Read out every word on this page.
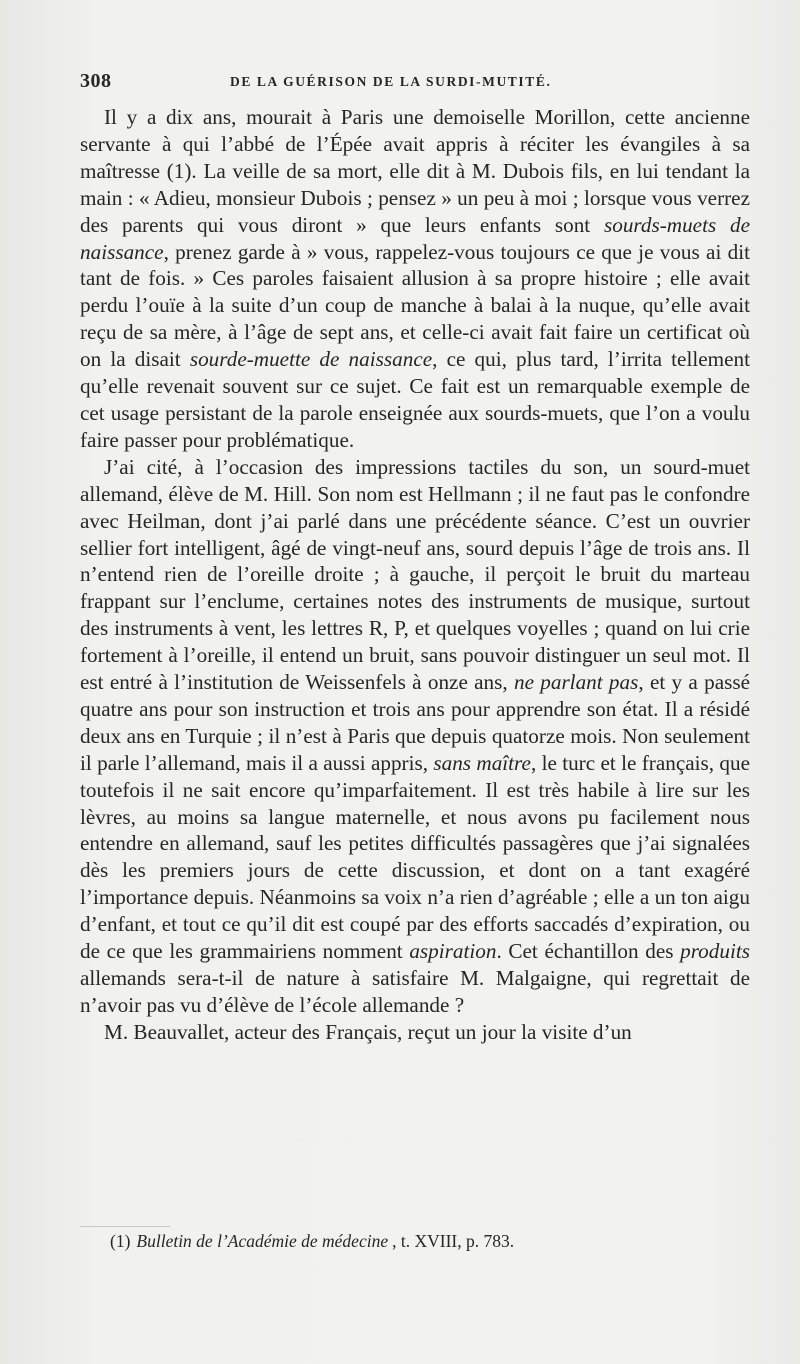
308	DE LA GUÉRISON DE LA SURDI-MUTITÉ.

Il y a dix ans, mourait à Paris une demoiselle Morillon, cette ancienne servante à qui l’abbé de l’Épée avait appris à réciter les évangiles à sa maîtresse (1). La veille de sa mort, elle dit à M. Dubois fils, en lui tendant la main : « Adieu, monsieur Dubois ; pensez » un peu à moi ; lorsque vous verrez des parents qui vous diront » que leurs enfants sont sourds-muets de naissance, prenez garde à » vous, rappelez-vous toujours ce que je vous ai dit tant de fois. » Ces paroles faisaient allusion à sa propre histoire ; elle avait perdu l’ouïe à la suite d’un coup de manche à balai à la nuque, qu’elle avait reçu de sa mère, à l’âge de sept ans, et celle-ci avait fait faire un certificat où on la disait sourde-muette de naissance, ce qui, plus tard, l’irrita tellement qu’elle revenait souvent sur ce sujet. Ce fait est un remarquable exemple de cet usage persistant de la parole enseignée aux sourds-muets, que l’on a voulu faire passer pour problématique.

J’ai cité, à l’occasion des impressions tactiles du son, un sourd-muet allemand, élève de M. Hill. Son nom est Hellmann ; il ne faut pas le confondre avec Heilman, dont j’ai parlé dans une précédente séance. C’est un ouvrier sellier fort intelligent, âgé de vingt-neuf ans, sourd depuis l’âge de trois ans. Il n’entend rien de l’oreille droite ; à gauche, il perçoit le bruit du marteau frappant sur l’enclume, certaines notes des instruments de musique, surtout des instruments à vent, les lettres R, P, et quelques voyelles ; quand on lui crie fortement à l’oreille, il entend un bruit, sans pouvoir distinguer un seul mot. Il est entré à l’institution de Weissenfels à onze ans, ne parlant pas, et y a passé quatre ans pour son instruction et trois ans pour apprendre son état. Il a résidé deux ans en Turquie ; il n’est à Paris que depuis quatorze mois. Non seulement il parle l’allemand, mais il a aussi appris, sans maître, le turc et le français, que toutefois il ne sait encore qu’imparfaitement. Il est très habile à lire sur les lèvres, au moins sa langue maternelle, et nous avons pu facilement nous entendre en allemand, sauf les petites difficultés passagères que j’ai signalées dès les premiers jours de cette discussion, et dont on a tant exagéré l’importance depuis. Néanmoins sa voix n’a rien d’agréable ; elle a un ton aigu d’enfant, et tout ce qu’il dit est coupé par des efforts saccadés d’expiration, ou de ce que les grammairiens nomment aspiration. Cet échantillon des produits allemands sera-t-il de nature à satisfaire M. Malgaigne, qui regrettait de n’avoir pas vu d’élève de l’école allemande ?

M. Beauvallet, acteur des Français, reçut un jour la visite d’un

(1) Bulletin de l’Académie de médecine , t. XVIII, p. 783.
